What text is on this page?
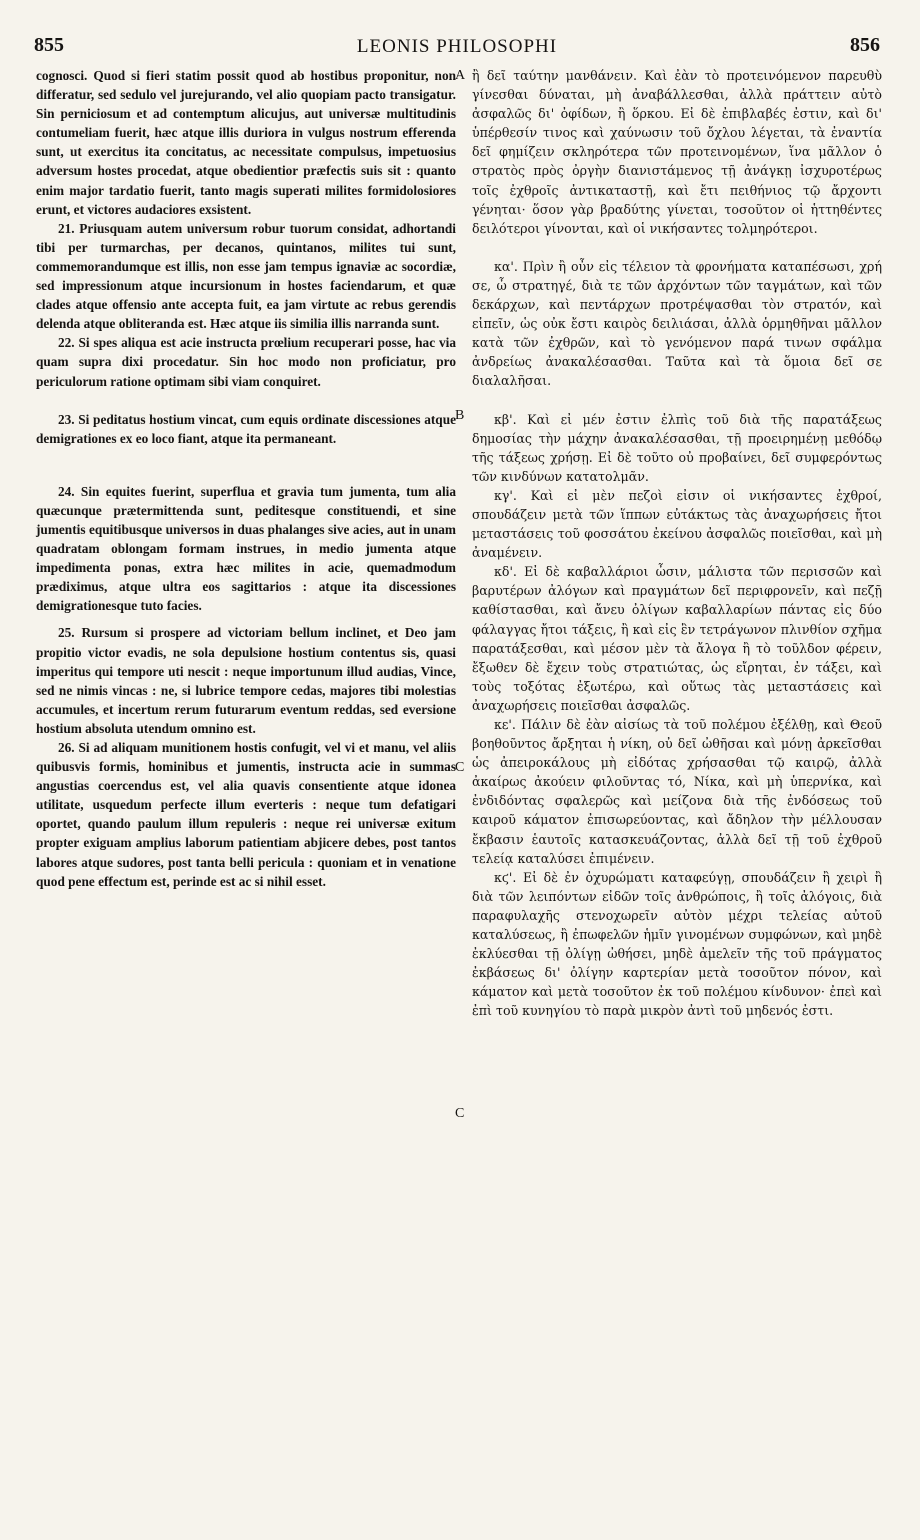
855	LEONIS PHILOSOPHI	856

cognosci. Quod si fieri statim possit quod ab hostibus proponitur, non differatur, sed sedulo vel jurejurando, vel alio quopiam pacto transigatur. Sin perniciosum et ad contemptum alicujus, aut universæ multitudinis contumeliam fuerit, hæc atque illis duriora in vulgus nostrum efferenda sunt, ut exercitus ita concitatus, ac necessitate compulsus, impetuosius adversum hostes procedat, atque obedientior præfectis suis sit : quanto enim major tardatio fuerit, tanto magis superati milites formidolosiores erunt, et victores audaciores exsistent.

21. Priusquam autem universum robur tuorum considat, adhortandi tibi per turmarchas, per decanos, quintanos, milites tui sunt, commemorandumque est illis, non esse jam tempus ignaviæ ac socordiæ, sed impressionum atque incursionum in hostes faciendarum, et quæ clades atque offensio ante accepta fuit, ea jam virtute ac rebus gerendis delenda atque obliteranda est. Hæc atque iis similia illis narranda sunt.

22. Si spes aliqua est acie instructa prœlium recuperari posse, hac via quam supra dixi procedatur. Sin hoc modo non proficiatur, pro periculorum ratione optimam sibi viam conquiret.

23. Si peditatus hostium vincat, cum equis ordinate discessiones atque demigrationes ex eo loco fiant, atque ita permaneant.

24. Sin equites fuerint, superflua et gravia tum jumenta, tum alia quæcunque prætermittenda sunt, peditesque constituendi, et sine jumentis equitibusque universos in duas phalanges sive acies, aut in unam quadratam oblongam formam instrues, in medio jumenta atque impedimenta ponas, extra hæc milites in acie, quemadmodum prædiximus, atque ultra eos sagittarios : atque ita discessiones demigrationesque tuto facies.

25. Rursum si prospere ad victoriam bellum inclinet, et Deo jam propitio victor evadis, ne sola depulsione hostium contentus sis, quasi imperitus qui tempore uti nescit : neque importunum illud audias, Vince, sed ne nimis vincas : ne, si lubrice tempore cedas, majores tibi molestias accumules, et incertum rerum futurarum eventum reddas, sed eversione hostium absoluta utendum omnino est.

26. Si ad aliquam munitionem hostis confugit, vel vi et manu, vel aliis quibusvis formis, hominibus et jumentis, instructa acie in summas angustias coercendus est, vel alia quavis consentiente atque idonea utilitate, usquedum perfecte illum everteris : neque tum defatigari oportet, quando paulum illum repuleris : neque rei universæ exitum propter exiguam amplius laborum patientiam abjicere debes, post tantos labores atque sudores, post tanta belli pericula : quoniam et in venatione quod pene effectum est, perinde est ac si nihil esset.

ἢ δεῖ ταύτην μανθάνειν. Καὶ ἐὰν τὸ προτεινόμενον παρευθὺ γίνεσθαι δύναται, μὴ ἀναβάλλεσθαι, ἀλλὰ πράττειν αὐτὸ ἀσφαλῶς δι' ὀφίδων, ἢ ὅρκου. Εἰ δὲ ἐπιβλαβές ἐστιν, καὶ δι' ὑπέρθεσίν τινος καὶ χαύνωσιν τοῦ ὄχλου λέγεται, τὰ ἐναντία δεῖ φημίζειν σκληρότερα τῶν προτεινομένων, ἵνα μᾶλλον ὁ στρατὸς πρὸς ὀργὴν διανιστάμενος τῇ ἀνάγκῃ ἰσχυροτέρως τοῖς ἐχθροῖς ἀντικαταστῇ, καὶ ἔτι πειθήνιος τῷ ἄρχοντι γένηται· ὅσον γὰρ βραδύτης γίνεται, τοσοῦτον οἱ ἡττηθέντες δειλότεροι γίνονται, καὶ οἱ νικήσαντες τολμηρότεροι.

κα'. Πρὶν ἢ οὖν εἰς τέλειον τὰ φρονήματα καταπέσωσι, χρή σε, ὦ στρατηγέ, διὰ τε τῶν ἀρχόντων τῶν ταγμάτων, καὶ τῶν δεκάρχων, καὶ πεντάρχων προτρέψασθαι τὸν στρατόν, καὶ εἰπεῖν, ὡς οὐκ ἔστι καιρὸς δειλιάσαι, ἀλλὰ ὁρμηθῆναι μᾶλλον κατὰ τῶν ἐχθρῶν, καὶ τὸ γενόμενον παρά τινων σφάλμα ἀνδρείως ἀνακαλέσασθαι. Ταῦτα καὶ τὰ ὅμοια δεῖ σε διαλαλῆσαι.

κβ'. Καὶ εἰ μέν ἐστιν ἐλπὶς τοῦ διὰ τῆς παρατάξεως δημοσίας τὴν μάχην ἀνακαλέσασθαι, τῇ προειρημένῃ μεθόδῳ τῆς τάξεως χρήσῃ. Εἰ δὲ τοῦτο οὐ προβαίνει, δεῖ συμφερόντως τῶν κινδύνων κατατολμᾶν.

κγ'. Καὶ εἰ μὲν πεζοὶ εἰσιν οἱ νικήσαντες ἐχθροί, σπουδάζειν μετὰ τῶν ἵππων εὐτάκτως τὰς ἀναχωρήσεις ἤτοι μεταστάσεις τοῦ φοσσάτου ἐκείνου ἀσφαλῶς ποιεῖσθαι, καὶ μὴ ἀναμένειν.

κδ'. Εἰ δὲ καβαλλάριοι ὦσιν, μάλιστα τῶν περισσῶν καὶ βαρυτέρων ἀλόγων καὶ πραγμάτων δεῖ περιφρονεῖν, καὶ πεζῇ καθίστασθαι, καὶ ἄνευ ὀλίγων καβαλλαρίων πάντας εἰς δύο φάλαγγας ἤτοι τάξεις, ἢ καὶ εἰς ἓν τετράγωνον πλινθίον σχῆμα παρατάξεσθαι, καὶ μέσον μὲν τὰ ἄλογα ἢ τὸ τοῦλδον φέρειν, ἔξωθεν δὲ ἔχειν τοὺς στρατιώτας, ὡς εἴρηται, ἐν τάξει, καὶ τοὺς τοξότας ἐξωτέρω, καὶ οὕτως τὰς μεταστάσεις καὶ ἀναχωρήσεις ποιεῖσθαι ἀσφαλῶς.

κε'. Πάλιν δὲ ἐὰν αἰσίως τὰ τοῦ πολέμου ἐξέλθῃ, καὶ Θεοῦ βοηθοῦντος ἄρξηται ἡ νίκη, οὐ δεῖ ὠθῆσαι καὶ μόνῃ ἀρκεῖσθαι ὡς ἀπειροκάλους μὴ εἰδότας χρήσασθαι τῷ καιρῷ, ἀλλὰ ἀκαίρως ἀκούειν φιλοῦντας τό, Νίκα, καὶ μὴ ὑπερνίκα, καὶ ἐνδιδόντας σφαλερῶς καὶ μείζονα διὰ τῆς ἐνδόσεως τοῦ καιροῦ κάματον ἐπισωρεύοντας, καὶ ἄδηλον τὴν μέλλουσαν ἔκβασιν ἑαυτοῖς κατασκευάζοντας, ἀλλὰ δεῖ τῇ τοῦ ἐχθροῦ τελείᾳ καταλύσει ἐπιμένειν.

κϛ'. Εἰ δὲ ἐν ὀχυρώματι καταφεύγῃ, σπουδάζειν ἢ χειρὶ ἢ διὰ τῶν λειπόντων εἰδῶν τοῖς ἀνθρώποις, ἢ τοῖς ἀλόγοις, διὰ παραφυλαχῆς στενοχωρεῖν αὐτὸν μέχρι τελείας αὐτοῦ καταλύσεως, ἢ ἐπωφελῶν ἡμῖν γινομένων συμφώνων, καὶ μηδὲ ἐκλύεσθαι τῇ ὀλίγῃ ὠθήσει, μηδὲ ἀμελεῖν τῆς τοῦ πράγματος ἐκβάσεως δι' ὀλίγην καρτερίαν μετὰ τοσοῦτον πόνον, καὶ κάματον καὶ μετὰ τοσοῦτον ἐκ τοῦ πολέμου κίνδυνον· ἐπεὶ καὶ ἐπὶ τοῦ κυνηγίου τὸ παρὰ μικρὸν ἀντὶ τοῦ μηδενός ἐστι.

A
B
C
C
